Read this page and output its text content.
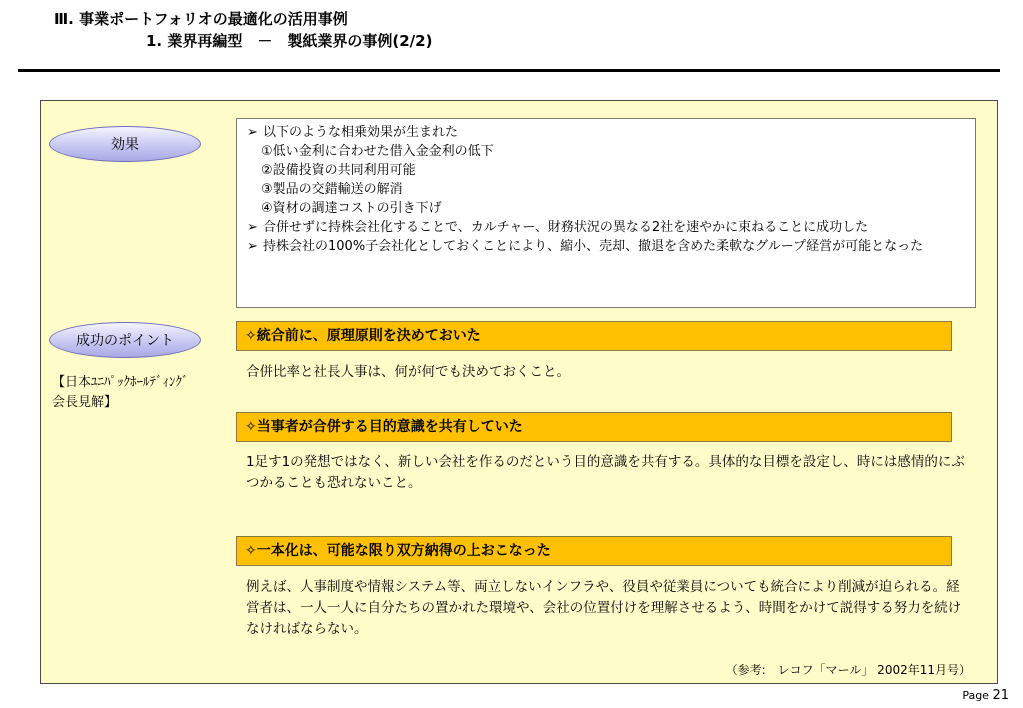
Ⅲ. 事業ポートフォリオの最適化の活用事例
1. 業界再編型　－　製紙業界の事例(2/2)
効果
➢ 以下のような相乗効果が生まれた
①低い金利に合わせた借入金金利の低下
②設備投資の共同利用可能
③製品の交錯輸送の解消
④資材の調達コストの引き下げ
➢ 合併せずに持株会社化することで、カルチャー、財務状況の異なる2社を速やかに束ねることに成功した
➢ 持株会社の100%子会社化としておくことにより、縮小、売却、撤退を含めた柔軟なグループ経営が可能となった
成功のポイント
【日本ﾕﾆﾊﾟｯｸﾎｰﾙﾃﾞｨﾝｸﾞ
会長見解】
✧統合前に、原理原則を決めておいた
合併比率と社長人事は、何が何でも決めておくこと。
✧当事者が合併する目的意識を共有していた
1足す1の発想ではなく、新しい会社を作るのだという目的意識を共有する。具体的な目標を設定し、時には感情的にぶつかることも恐れないこと。
✧一本化は、可能な限り双方納得の上おこなった
例えば、人事制度や情報システム等、両立しないインフラや、役員や従業員についても統合により削減が迫られる。経営者は、一人一人に自分たちの置かれた環境や、会社の位置付けを理解させるよう、時間をかけて説得する努力を続けなければならない。
（参考:　レコフ「マール」 2002年11月号）
Page 21
